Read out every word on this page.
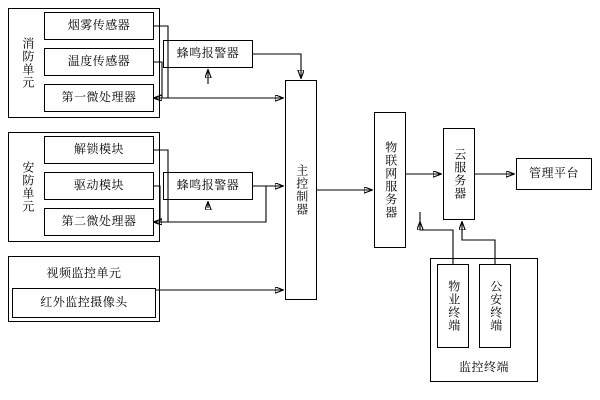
消防单元
烟雾传感器
温度传感器
第一微处理器
安防单元
解锁模块
驱动模块
第二微处理器
视频监控单元
红外监控摄像头
蜂鸣报警器
蜂鸣报警器	主控制器	物联网服务器	云服务器	管理平台
物业终端 公安终端
监控终端
